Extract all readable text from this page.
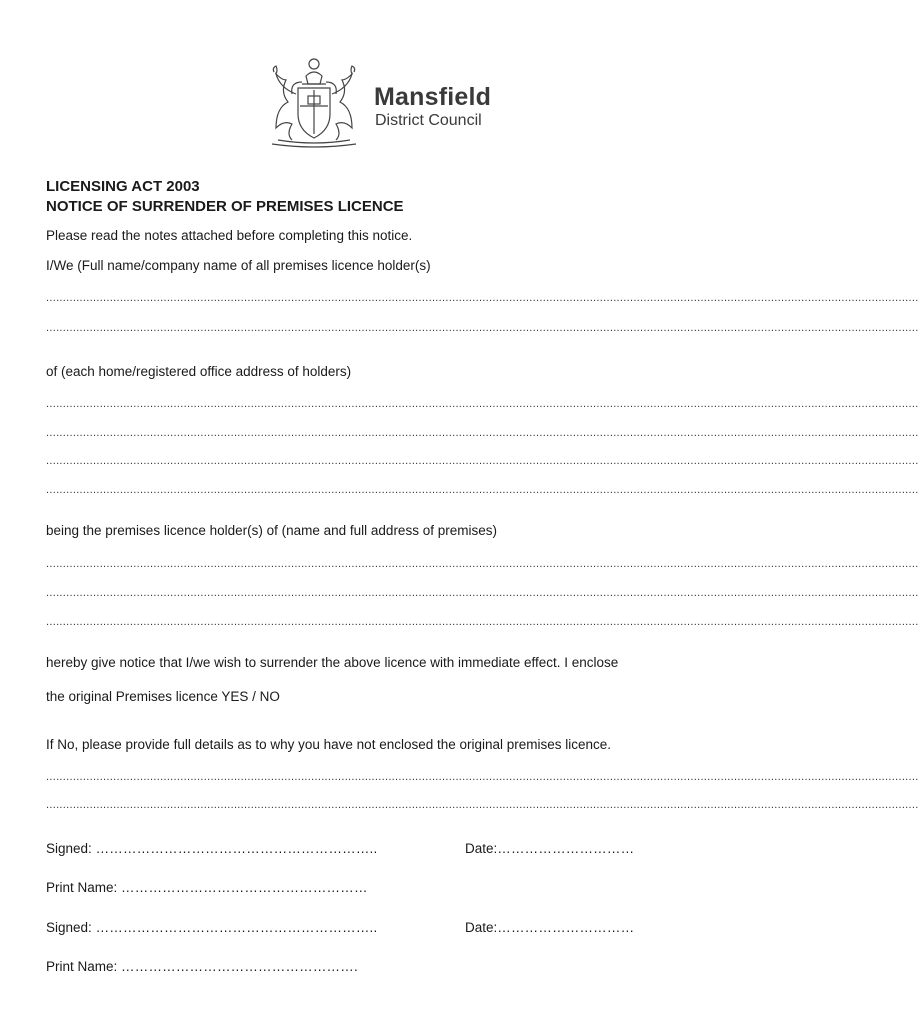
Mansfield
District Council
LICENSING ACT 2003
NOTICE OF SURRENDER OF PREMISES LICENCE
Please read the notes attached before completing this notice.
I/We (Full name/company name of all premises licence holder(s)
....................................................................................................................................................................................................................................................................
....................................................................................................................................................................................................................................................................
of (each home/registered office address of holders)
....................................................................................................................................................................................................................................................................
....................................................................................................................................................................................................................................................................
....................................................................................................................................................................................................................................................................
....................................................................................................................................................................................................................................................................
being the premises licence holder(s) of (name and full address of premises)
....................................................................................................................................................................................................................................................................
....................................................................................................................................................................................................................................................................
....................................................................................................................................................................................................................................................................
hereby give notice that I/we wish to surrender the above licence with immediate effect. I enclose
the original Premises licence YES / NO
If No, please provide full details as to why you have not enclosed the original premises licence.
....................................................................................................................................................................................................................................................................
....................................................................................................................................................................................................................................................................
Signed: ……………………………………………………..	Date:…………………………
Print Name: ………………………………………………
Signed: ……………………………………………………..	Date:…………………………
Print Name: …………………………………………….
